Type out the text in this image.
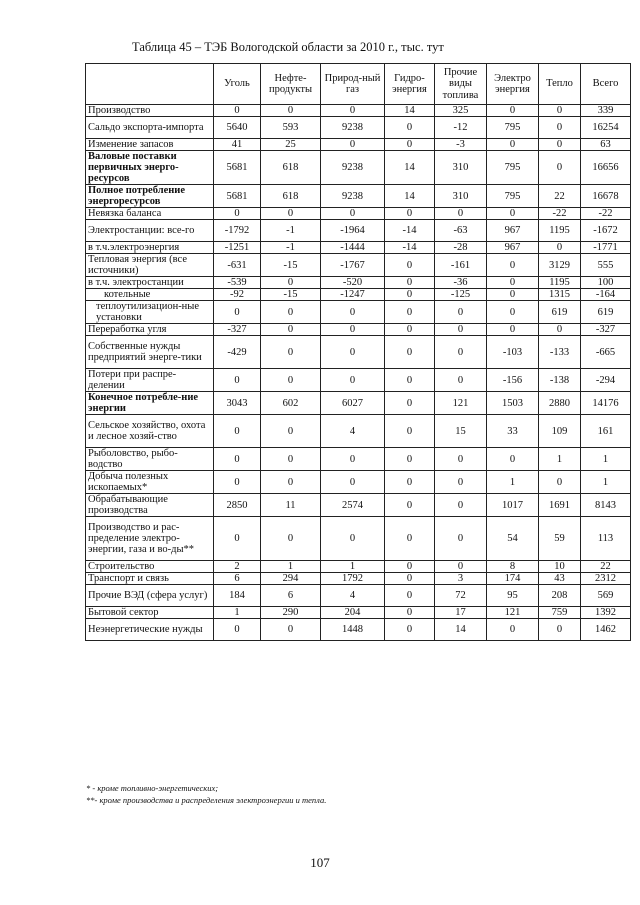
Таблица 45 – ТЭБ Вологодской области за 2010 г., тыс. тут
	Уголь	Нефте-продукты	Природ-ный газ	Гидро-энергия	Прочие виды топлива	Электро энергия	Тепло	Всего
Производство	0	0	0	14	325	0	0	339
Сальдо экспорта-импорта	5640	593	9238	0	-12	795	0	16254
Изменение запасов	41	25	0	0	-3	0	0	63
Валовые поставки первичных энерго-ресурсов	5681	618	9238	14	310	795	0	16656
Полное потребление энергоресурсов	5681	618	9238	14	310	795	22	16678
Невязка баланса	0	0	0	0	0	0	-22	-22
Электростанции: все-го	-1792	-1	-1964	-14	-63	967	1195	-1672
в т.ч.электроэнергия	-1251	-1	-1444	-14	-28	967	0	-1771
Тепловая энергия (все источники)	-631	-15	-1767	0	-161	0	3129	555
в т.ч. электростанции	-539	0	-520	0	-36	0	1195	100
котельные	-92	-15	-1247	0	-125	0	1315	-164
теплоутилизацион-ные установки	0	0	0	0	0	0	619	619
Переработка угля	-327	0	0	0	0	0	0	-327
Собственные нужды предприятий энерге-тики	-429	0	0	0	0	-103	-133	-665
Потери при распре-делении	0	0	0	0	0	-156	-138	-294
Конечное потребле-ние энергии	3043	602	6027	0	121	1503	2880	14176
Сельское хозяйство, охота и лесное хозяй-ство	0	0	4	0	15	33	109	161
Рыболовство, рыбо-водство	0	0	0	0	0	0	1	1
Добыча полезных ископаемых*	0	0	0	0	0	1	0	1
Обрабатывающие производства	2850	11	2574	0	0	1017	1691	8143
Производство и рас-пределение электро-энергии, газа и во-ды**	0	0	0	0	0	54	59	113
Строительство	2	1	1	0	0	8	10	22
Транспорт и связь	6	294	1792	0	3	174	43	2312
Прочие ВЭД (сфера услуг)	184	6	4	0	72	95	208	569
Бытовой сектор	1	290	204	0	17	121	759	1392
Неэнергетические нужды	0	0	1448	0	14	0	0	1462
* - кроме топливно-энергетических;
**- кроме производства и распределения электроэнергии и тепла.
107
